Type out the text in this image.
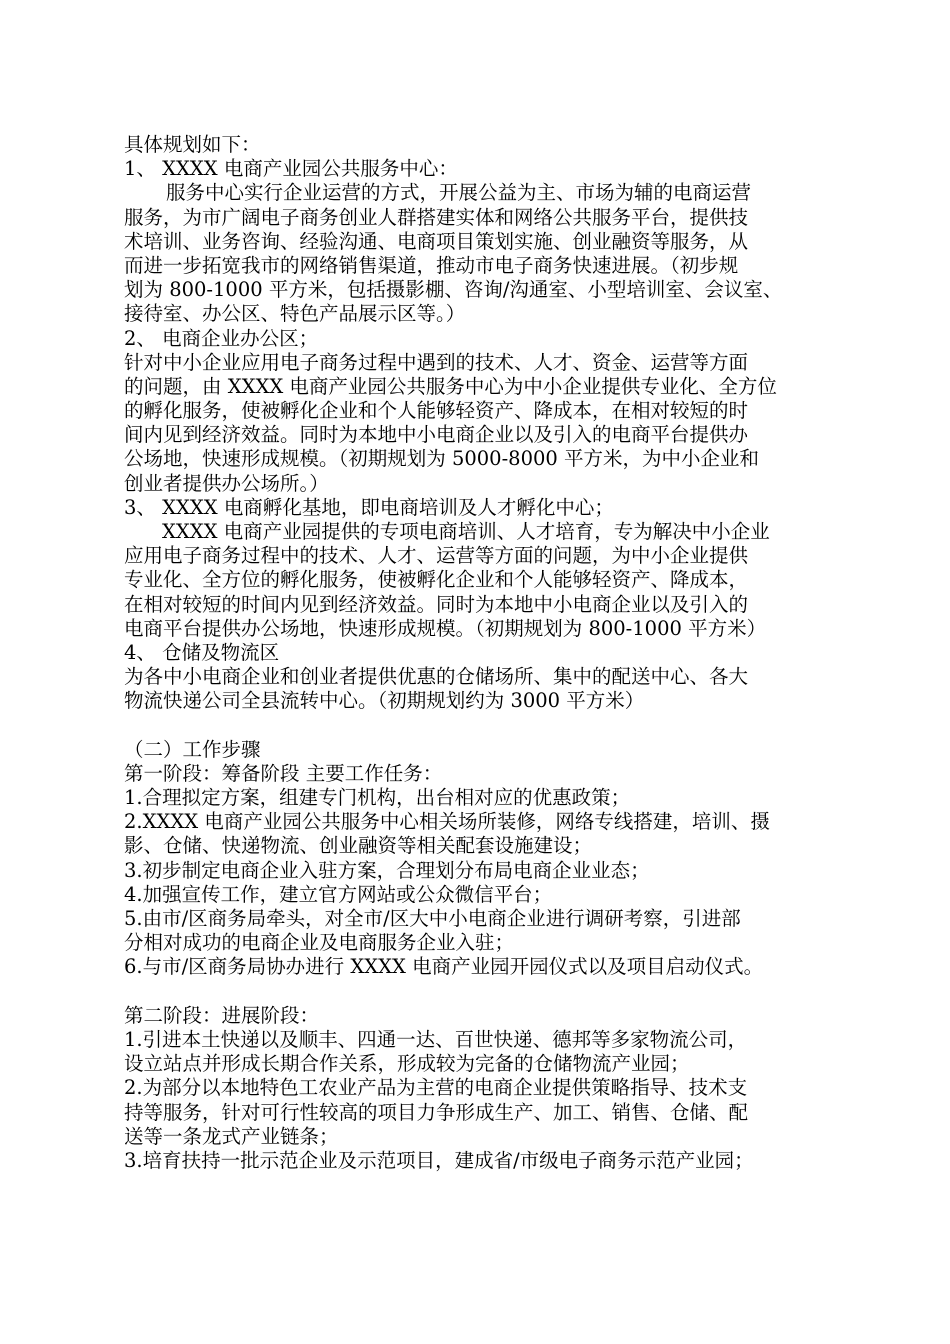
具体规划如下：
1、 XXXX 电商产业园公共服务中心：
服务中心实行企业运营的方式，开展公益为主、市场为辅的电商运营
服务，为市广阔电子商务创业人群搭建实体和网络公共服务平台，提供技
术培训、业务咨询、经验沟通、电商项目策划实施、创业融资等服务，从
而进一步拓宽我市的网络销售渠道，推动市电子商务快速进展。（初步规
划为 800-1000 平方米，包括摄影棚、咨询/沟通室、小型培训室、会议室、
接待室、办公区、特色产品展示区等。）
2、 电商企业办公区；
针对中小企业应用电子商务过程中遇到的技术、人才、资金、运营等方面
的问题，由 XXXX 电商产业园公共服务中心为中小企业提供专业化、全方位
的孵化服务，使被孵化企业和个人能够轻资产、降成本，在相对较短的时
间内见到经济效益。同时为本地中小电商企业以及引入的电商平台提供办
公场地，快速形成规模。（初期规划为 5000-8000 平方米，为中小企业和
创业者提供办公场所。）
3、 XXXX 电商孵化基地，即电商培训及人才孵化中心；
XXXX 电商产业园提供的专项电商培训、人才培育，专为解决中小企业
应用电子商务过程中的技术、人才、运营等方面的问题，为中小企业提供
专业化、全方位的孵化服务，使被孵化企业和个人能够轻资产、降成本，
在相对较短的时间内见到经济效益。同时为本地中小电商企业以及引入的
电商平台提供办公场地，快速形成规模。（初期规划为 800-1000 平方米）
4、 仓储及物流区
为各中小电商企业和创业者提供优惠的仓储场所、集中的配送中心、各大
物流快递公司全县流转中心。（初期规划约为 3000 平方米）
（二）工作步骤
第一阶段：筹备阶段 主要工作任务：
1.合理拟定方案，组建专门机构，出台相对应的优惠政策；
2.XXXX 电商产业园公共服务中心相关场所装修，网络专线搭建，培训、摄
影、仓储、快递物流、创业融资等相关配套设施建设；
3.初步制定电商企业入驻方案，合理划分布局电商企业业态；
4.加强宣传工作，建立官方网站或公众微信平台；
5.由市/区商务局牵头，对全市/区大中小电商企业进行调研考察，引进部
分相对成功的电商企业及电商服务企业入驻；
6.与市/区商务局协办进行 XXXX 电商产业园开园仪式以及项目启动仪式。
第二阶段：进展阶段：
1.引进本土快递以及顺丰、四通一达、百世快递、德邦等多家物流公司，
设立站点并形成长期合作关系，形成较为完备的仓储物流产业园；
2.为部分以本地特色工农业产品为主营的电商企业提供策略指导、技术支
持等服务，针对可行性较高的项目力争形成生产、加工、销售、仓储、配
送等一条龙式产业链条；
3.培育扶持一批示范企业及示范项目，建成省/市级电子商务示范产业园；
